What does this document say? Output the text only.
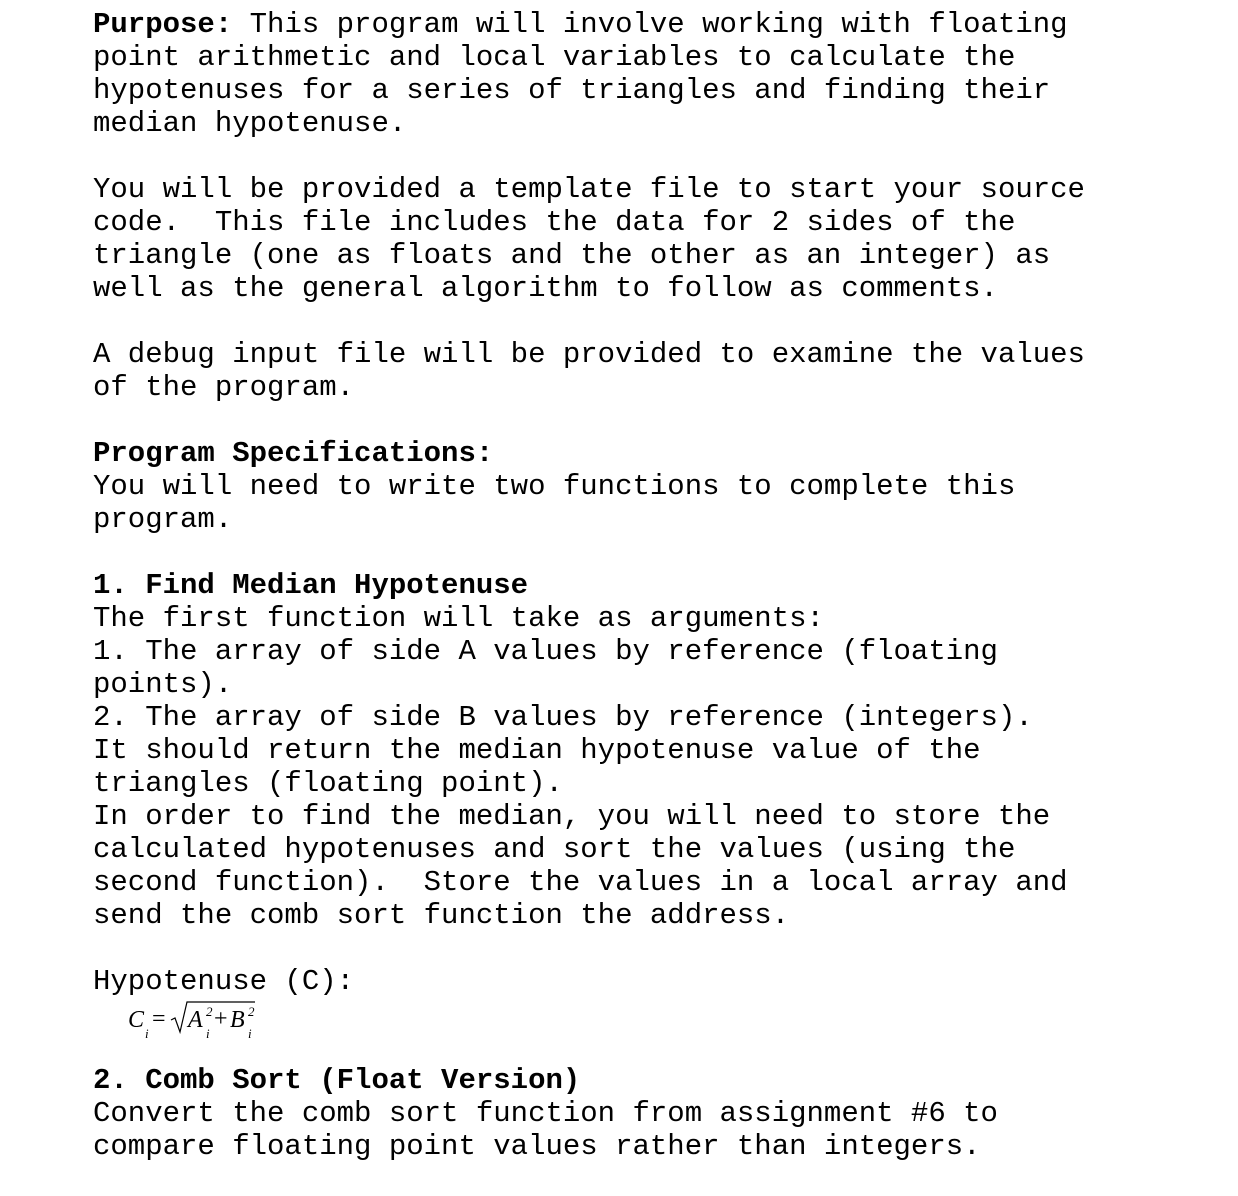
Purpose: This program will involve working with floating
point arithmetic and local variables to calculate the
hypotenuses for a series of triangles and finding their
median hypotenuse.

You will be provided a template file to start your source
code.  This file includes the data for 2 sides of the
triangle (one as floats and the other as an integer) as
well as the general algorithm to follow as comments.

A debug input file will be provided to examine the values
of the program.

Program Specifications:

You will need to write two functions to complete this
program.

1. Find Median Hypotenuse

The first function will take as arguments:

1. The array of side A values by reference (floating
points).

2. The array of side B values by reference (integers).

It should return the median hypotenuse value of the
triangles (floating point).

In order to find the median, you will need to store the
calculated hypotenuses and sort the values (using the
second function).  Store the values in a local array and
send the comb sort function the address.

Hypotenuse (C):

C
i
= A 2
i
+ B 2
i

2. Comb Sort (Float Version)

Convert the comb sort function from assignment #6 to
compare floating point values rather than integers.
